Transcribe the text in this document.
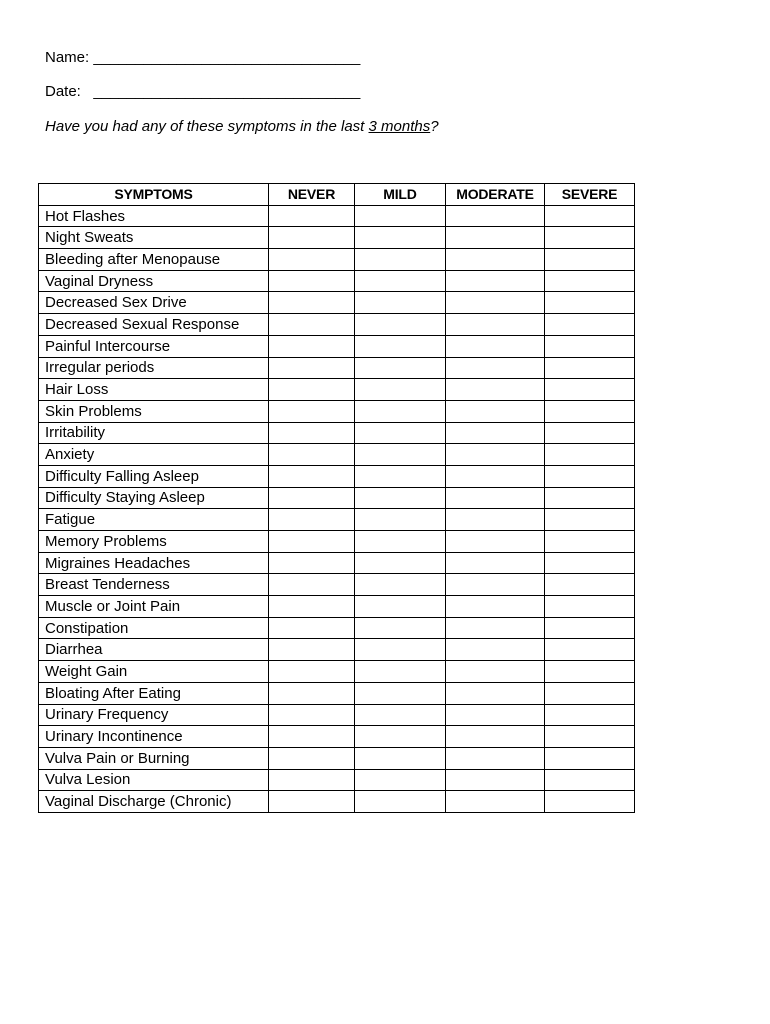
Name: ________________________________
Date: ________________________________
Have you had any of these symptoms in the last 3 months?
SYMPTOMS	NEVER	MILD	MODERATE	SEVERE
Hot Flashes				
Night Sweats				
Bleeding after Menopause				
Vaginal Dryness				
Decreased Sex Drive				
Decreased Sexual Response				
Painful Intercourse				
Irregular periods				
Hair Loss				
Skin Problems				
Irritability				
Anxiety				
Difficulty Falling Asleep				
Difficulty Staying Asleep				
Fatigue				
Memory Problems				
Migraines Headaches				
Breast Tenderness				
Muscle or Joint Pain				
Constipation				
Diarrhea				
Weight Gain				
Bloating After Eating				
Urinary Frequency				
Urinary Incontinence				
Vulva Pain or Burning				
Vulva Lesion				
Vaginal Discharge (Chronic)				
